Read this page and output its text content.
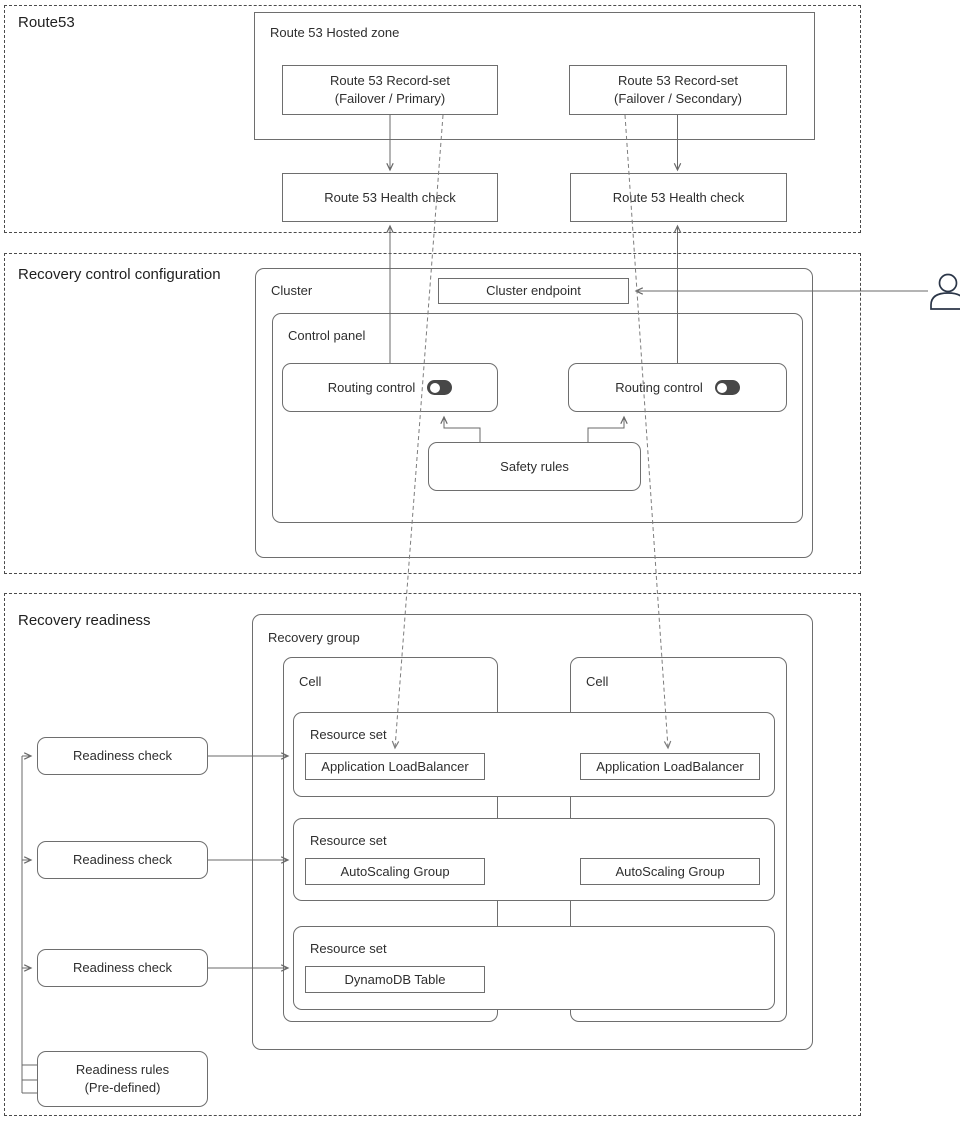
Route53
Route 53 Hosted zone
Route 53 Record-set
(Failover / Primary)
Route 53 Record-set
(Failover / Secondary)
Route 53 Health check	Route 53 Health check
Recovery control configuration
Cluster	Cluster endpoint
Control panel
Routing control	Routing control
Safety rules
Recovery readiness
Recovery group
Cell	Cell
Resource set
Application LoadBalancer	Application LoadBalancer
Resource set
AutoScaling Group	AutoScaling Group
Resource set
DynamoDB Table
Readiness check
Readiness check
Readiness check
Readiness rules
(Pre-defined)
